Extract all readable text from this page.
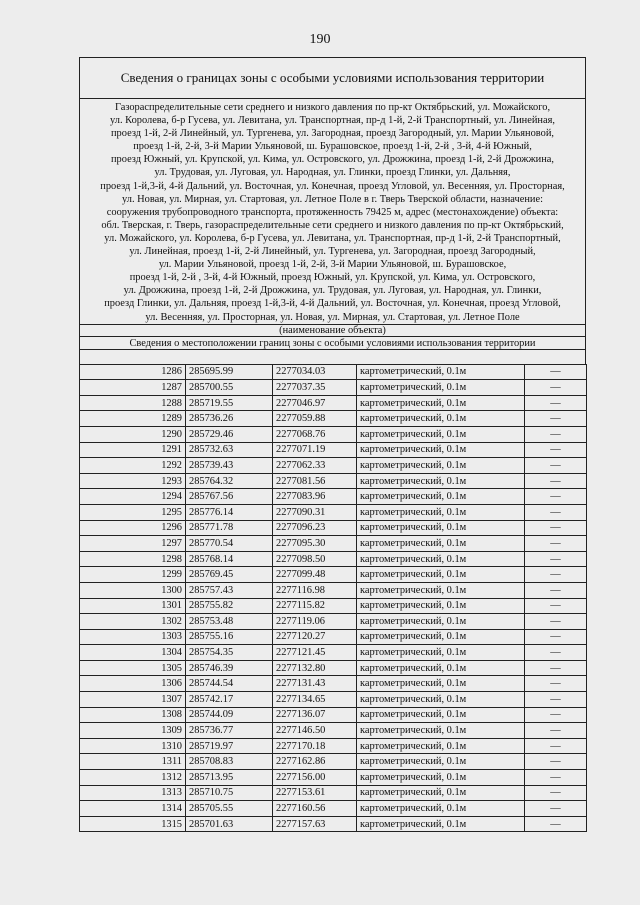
190
Сведения о границах зоны с особыми условиями использования территории
Газораспределительные сети среднего и низкого давления по пр-кт Октябрьский, ул. Можайского,
ул. Королева, б-р Гусева, ул. Левитана, ул. Транспортная, пр-д 1-й, 2-й Транспортный, ул. Линейная,
проезд 1-й, 2-й Линейный, ул. Тургенева, ул. Загородная, проезд Загородный, ул. Марии Ульяновой,
проезд 1-й, 2-й, 3-й Марии Ульяновой, ш. Бурашовское, проезд 1-й, 2-й , 3-й, 4-й Южный,
проезд Южный, ул. Крупской, ул. Кима, ул. Островского, ул. Дрожжина, проезд 1-й, 2-й Дрожжина,
ул. Трудовая, ул. Луговая, ул. Народная, ул. Глинки, проезд Глинки, ул. Дальняя,
проезд 1-й,3-й, 4-й Дальний, ул. Восточная, ул. Конечная, проезд Угловой, ул. Весенняя, ул. Просторная,
ул. Новая, ул. Мирная, ул. Стартовая, ул. Летное Поле в г. Тверь Тверской области, назначение:
сооружения трубопроводного транспорта, протяженность 79425 м, адрес (местонахождение) объекта:
обл. Тверская, г. Тверь, газораспределительные сети среднего и низкого давления по пр-кт Октябрьский,
ул. Можайского, ул. Королева, б-р Гусева, ул. Левитана, ул. Транспортная, пр-д 1-й, 2-й Транспортный,
ул. Линейная, проезд 1-й, 2-й Линейный, ул. Тургенева, ул. Загородная, проезд Загородный,
ул. Марии Ульяновой, проезд 1-й, 2-й, 3-й Марии Ульяновой, ш. Бурашовское,
проезд 1-й, 2-й , 3-й, 4-й Южный, проезд Южный, ул. Крупской, ул. Кима, ул. Островского,
ул. Дрожжина, проезд 1-й, 2-й Дрожжина, ул. Трудовая, ул. Луговая, ул. Народная, ул. Глинки,
проезд Глинки, ул. Дальняя, проезд 1-й,3-й, 4-й Дальний, ул. Восточная, ул. Конечная, проезд Угловой,
ул. Весенняя, ул. Просторная, ул. Новая, ул. Мирная, ул. Стартовая, ул. Летное Поле
(наименование объекта)
Сведения о местоположении границ зоны с особыми условиями использования территории
1286	285695.99	2277034.03	картометрический, 0.1м	—
1287	285700.55	2277037.35	картометрический, 0.1м	—
1288	285719.55	2277046.97	картометрический, 0.1м	—
1289	285736.26	2277059.88	картометрический, 0.1м	—
1290	285729.46	2277068.76	картометрический, 0.1м	—
1291	285732.63	2277071.19	картометрический, 0.1м	—
1292	285739.43	2277062.33	картометрический, 0.1м	—
1293	285764.32	2277081.56	картометрический, 0.1м	—
1294	285767.56	2277083.96	картометрический, 0.1м	—
1295	285776.14	2277090.31	картометрический, 0.1м	—
1296	285771.78	2277096.23	картометрический, 0.1м	—
1297	285770.54	2277095.30	картометрический, 0.1м	—
1298	285768.14	2277098.50	картометрический, 0.1м	—
1299	285769.45	2277099.48	картометрический, 0.1м	—
1300	285757.43	2277116.98	картометрический, 0.1м	—
1301	285755.82	2277115.82	картометрический, 0.1м	—
1302	285753.48	2277119.06	картометрический, 0.1м	—
1303	285755.16	2277120.27	картометрический, 0.1м	—
1304	285754.35	2277121.45	картометрический, 0.1м	—
1305	285746.39	2277132.80	картометрический, 0.1м	—
1306	285744.54	2277131.43	картометрический, 0.1м	—
1307	285742.17	2277134.65	картометрический, 0.1м	—
1308	285744.09	2277136.07	картометрический, 0.1м	—
1309	285736.77	2277146.50	картометрический, 0.1м	—
1310	285719.97	2277170.18	картометрический, 0.1м	—
1311	285708.83	2277162.86	картометрический, 0.1м	—
1312	285713.95	2277156.00	картометрический, 0.1м	—
1313	285710.75	2277153.61	картометрический, 0.1м	—
1314	285705.55	2277160.56	картометрический, 0.1м	—
1315	285701.63	2277157.63	картометрический, 0.1м	—
